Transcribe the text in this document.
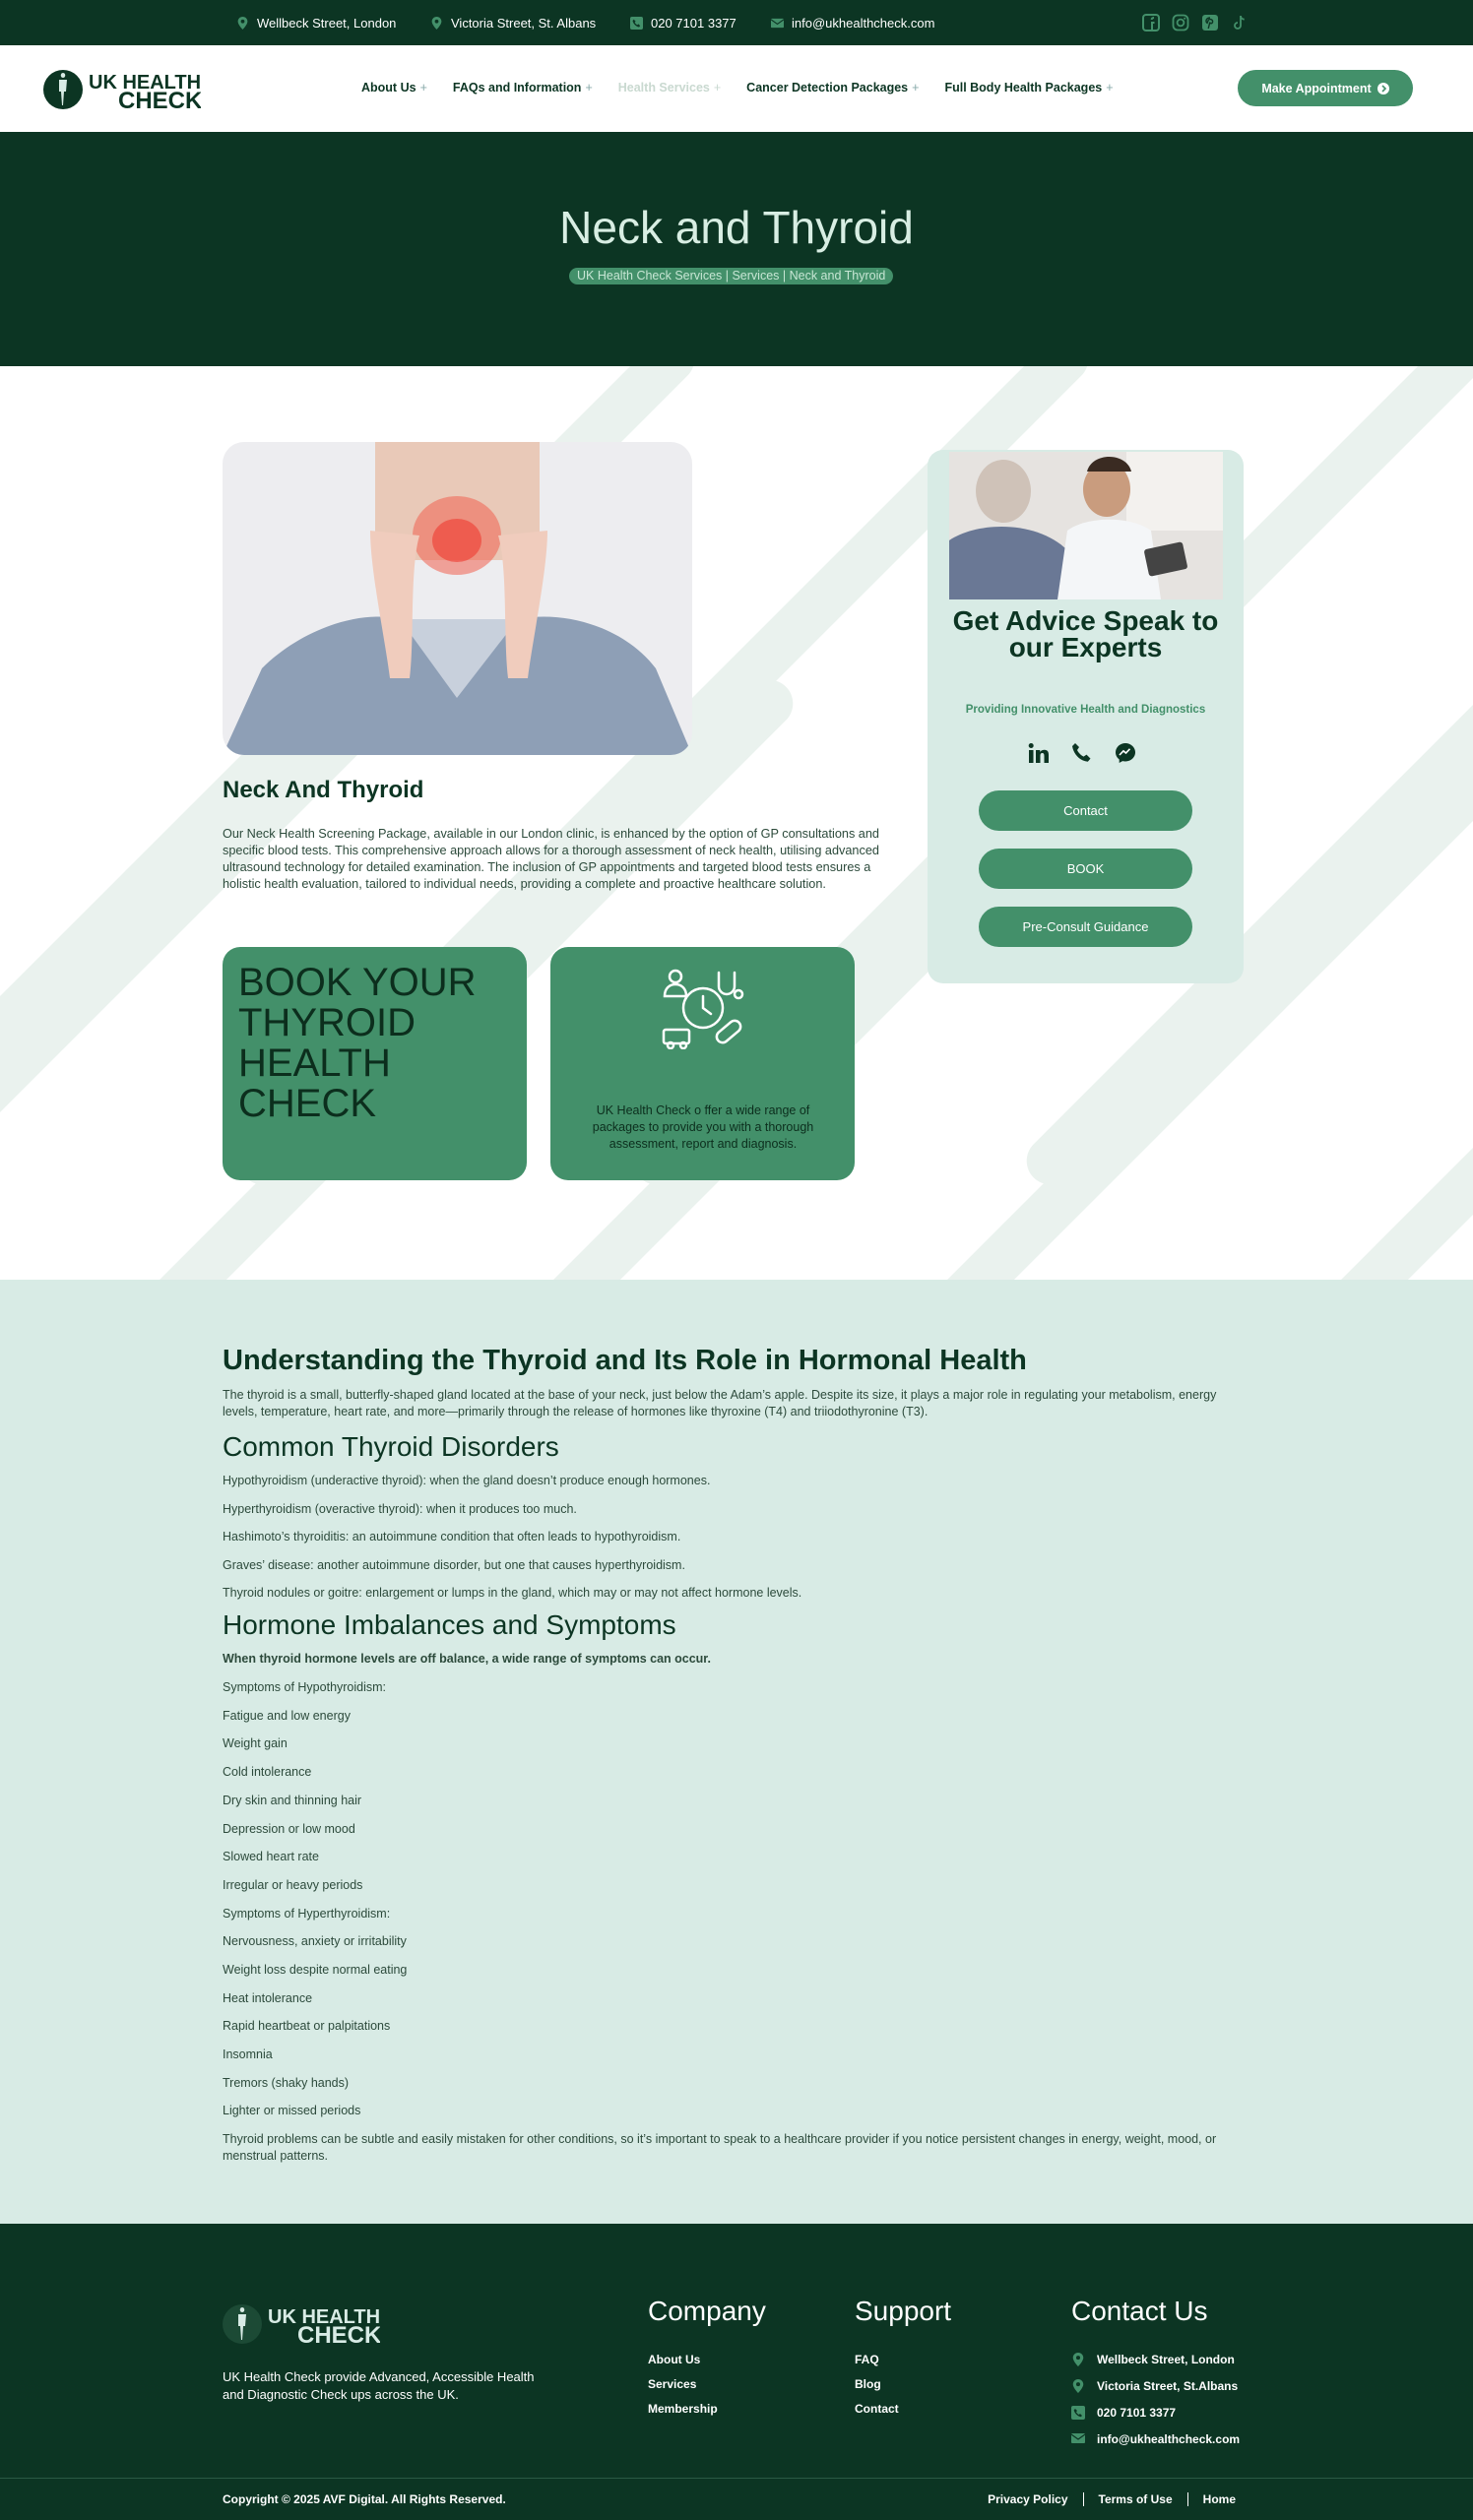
Wellbeck Street, London	Victoria Street, St. Albans	020 7101 3377	info@ukhealthcheck.com
UK HEALTH
CHECK	About Us + FAQs and Information + Health Services + Cancer Detection Packages + Full Body Health Packages +	Make Appointment
Neck and Thyroid
UK Health Check Services | Services | Neck and Thyroid
Neck And Thyroid

Our Neck Health Screening Package, available in our London clinic, is enhanced by the option of GP consultations and specific blood tests. This comprehensive approach allows for a thorough assessment of neck health, utilising advanced ultrasound technology for detailed examination. The inclusion of GP appointments and targeted blood tests ensures a holistic health evaluation, tailored to individual needs, providing a complete and proactive healthcare solution.

BOOK YOUR THYROID HEALTH CHECK	UK Health Check o ffer a wide range of packages to provide you with a thorough assessment, report and diagnosis.

Get Advice Speak to our Experts
Providing Innovative Health and Diagnostics
Contact
BOOK
Pre-Consult Guidance
Understanding the Thyroid and Its Role in Hormonal Health

The thyroid is a small, butterfly-shaped gland located at the base of your neck, just below the Adam’s apple. Despite its size, it plays a major role in regulating your metabolism, energy levels, temperature, heart rate, and more—primarily through the release of hormones like thyroxine (T4) and triiodothyronine (T3).

Common Thyroid Disorders

Hypothyroidism (underactive thyroid): when the gland doesn’t produce enough hormones.

Hyperthyroidism (overactive thyroid): when it produces too much.

Hashimoto’s thyroiditis: an autoimmune condition that often leads to hypothyroidism.

Graves’ disease: another autoimmune disorder, but one that causes hyperthyroidism.

Thyroid nodules or goitre: enlargement or lumps in the gland, which may or may not affect hormone levels.

Hormone Imbalances and Symptoms

When thyroid hormone levels are off balance, a wide range of symptoms can occur.

Symptoms of Hypothyroidism:

Fatigue and low energy

Weight gain

Cold intolerance

Dry skin and thinning hair

Depression or low mood

Slowed heart rate

Irregular or heavy periods

Symptoms of Hyperthyroidism:

Nervousness, anxiety or irritability

Weight loss despite normal eating

Heat intolerance

Rapid heartbeat or palpitations

Insomnia

Tremors (shaky hands)

Lighter or missed periods

Thyroid problems can be subtle and easily mistaken for other conditions, so it’s important to speak to a healthcare provider if you notice persistent changes in energy, weight, mood, or menstrual patterns.

UK HEALTH
CHECK

UK Health Check provide Advanced, Accessible Health and Diagnostic Check ups across the UK.

Company
About Us
Services
Membership
Support
FAQ
Blog
Contact
Contact Us
Wellbeck Street, London
Victoria Street, St.Albans
020 7101 3377
info@ukhealthcheck.com
Copyright © 2025 AVF Digital. All Rights Reserved.	Privacy Policy	Terms of Use	Home
